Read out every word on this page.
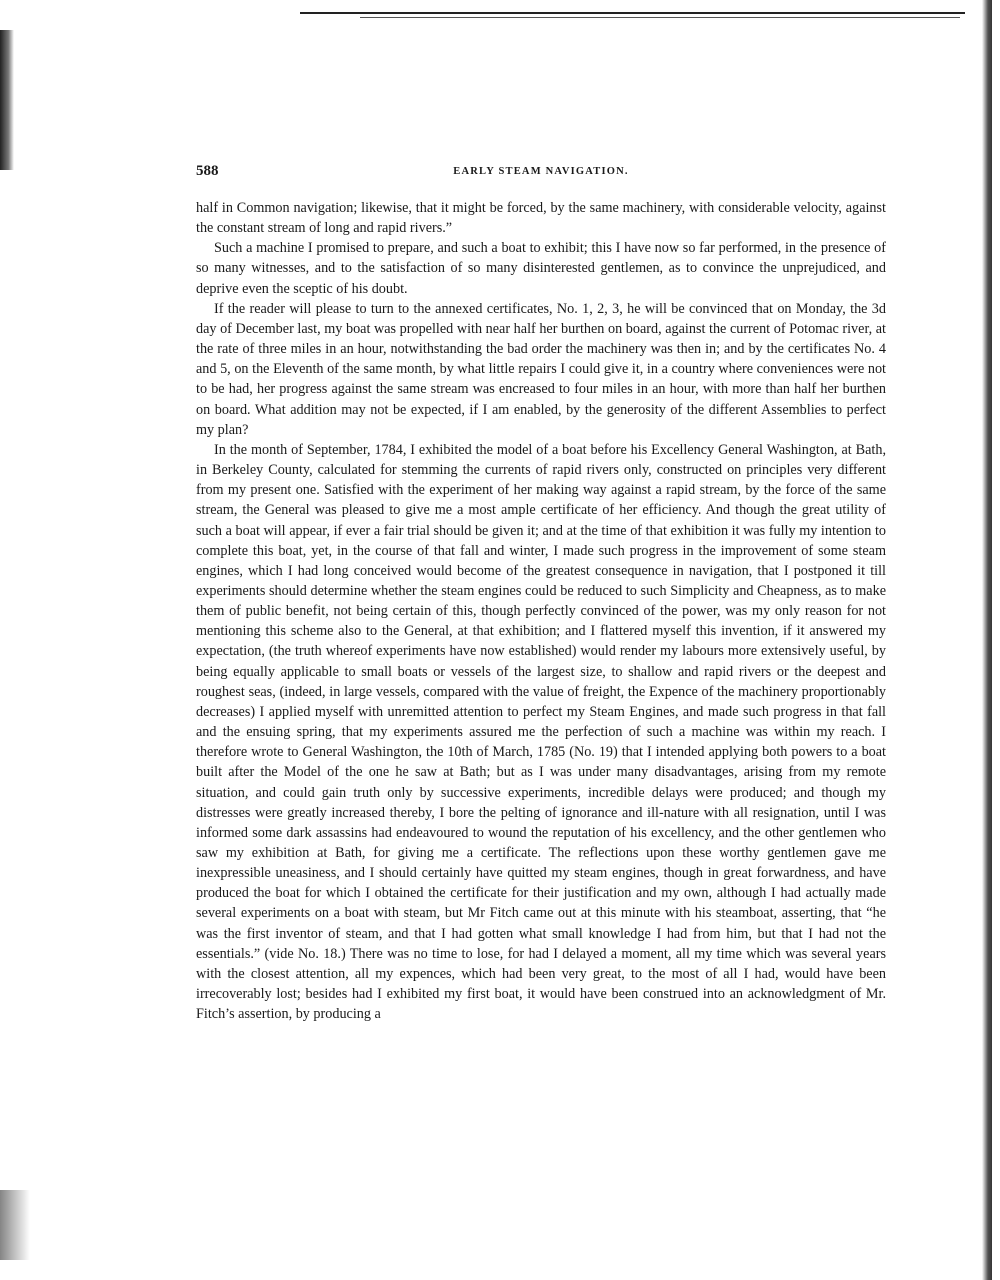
588	EARLY STEAM NAVIGATION.

half in Common navigation; likewise, that it might be forced, by the same machinery, with considerable velocity, against the constant stream of long and rapid rivers.”

Such a machine I promised to prepare, and such a boat to exhibit; this I have now so far performed, in the presence of so many witnesses, and to the satisfaction of so many disinterested gentlemen, as to convince the unprejudiced, and deprive even the sceptic of his doubt.

If the reader will please to turn to the annexed certificates, No. 1, 2, 3, he will be convinced that on Monday, the 3d day of December last, my boat was propelled with near half her burthen on board, against the current of Potomac river, at the rate of three miles in an hour, notwithstanding the bad order the machinery was then in; and by the certificates No. 4 and 5, on the Eleventh of the same month, by what little repairs I could give it, in a country where conveniences were not to be had, her progress against the same stream was encreased to four miles in an hour, with more than half her burthen on board. What addition may not be expected, if I am enabled, by the generosity of the different Assemblies to perfect my plan?

In the month of September, 1784, I exhibited the model of a boat before his Excellency General Washington, at Bath, in Berkeley County, calculated for stemming the currents of rapid rivers only, constructed on principles very different from my present one. Satisfied with the experiment of her making way against a rapid stream, by the force of the same stream, the General was pleased to give me a most ample certificate of her efficiency. And though the great utility of such a boat will appear, if ever a fair trial should be given it; and at the time of that exhibition it was fully my intention to complete this boat, yet, in the course of that fall and winter, I made such progress in the improvement of some steam engines, which I had long conceived would become of the greatest consequence in navigation, that I postponed it till experiments should determine whether the steam engines could be reduced to such Simplicity and Cheapness, as to make them of public benefit, not being certain of this, though perfectly convinced of the power, was my only reason for not mentioning this scheme also to the General, at that exhibition; and I flattered myself this invention, if it answered my expectation, (the truth whereof experiments have now established) would render my labours more extensively useful, by being equally applicable to small boats or vessels of the largest size, to shallow and rapid rivers or the deepest and roughest seas, (indeed, in large vessels, compared with the value of freight, the Expence of the machinery proportionably decreases) I applied myself with unremitted attention to perfect my Steam Engines, and made such progress in that fall and the ensuing spring, that my experiments assured me the perfection of such a machine was within my reach. I therefore wrote to General Washington, the 10th of March, 1785 (No. 19) that I intended applying both powers to a boat built after the Model of the one he saw at Bath; but as I was under many disadvantages, arising from my remote situation, and could gain truth only by successive experiments, incredible delays were produced; and though my distresses were greatly increased thereby, I bore the pelting of ignorance and ill-nature with all resignation, until I was informed some dark assassins had endeavoured to wound the reputation of his excellency, and the other gentlemen who saw my exhibition at Bath, for giving me a certificate. The reflections upon these worthy gentlemen gave me inexpressible uneasiness, and I should certainly have quitted my steam engines, though in great forwardness, and have produced the boat for which I obtained the certificate for their justification and my own, although I had actually made several experiments on a boat with steam, but Mr Fitch came out at this minute with his steamboat, asserting, that “he was the first inventor of steam, and that I had gotten what small knowledge I had from him, but that I had not the essentials.” (vide No. 18.) There was no time to lose, for had I delayed a moment, all my time which was several years with the closest attention, all my expences, which had been very great, to the most of all I had, would have been irrecoverably lost; besides had I exhibited my first boat, it would have been construed into an acknowledgment of Mr. Fitch’s assertion, by producing a
